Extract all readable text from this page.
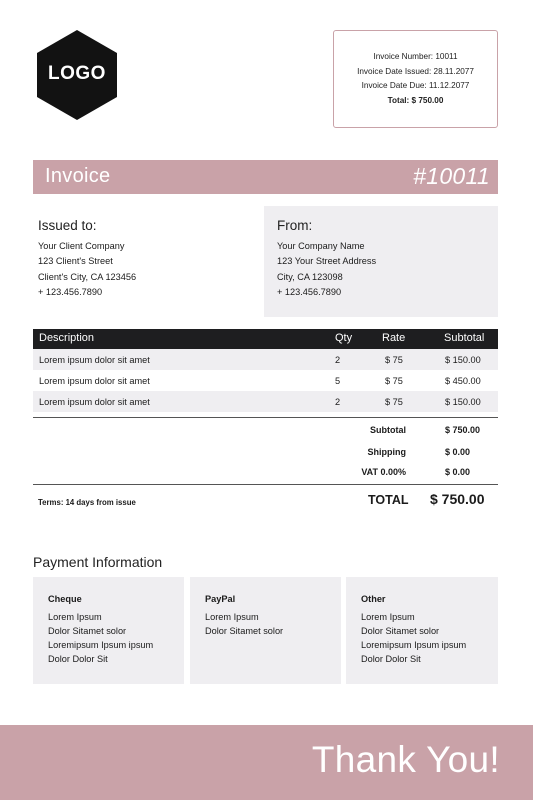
LOGO
Invoice Number: 10011
Invoice Date Issued: 28.11.2077
Invoice Date Due: 11.12.2077
Total: $ 750.00
Invoice	#10011
Issued to:
Your Client Company
123 Client's Street
Client's City, CA 123456
+ 123.456.7890
From:
Your Company Name
123 Your Street Address
City, CA 123098
+ 123.456.7890
Description	Qty	Rate	Subtotal
Lorem ipsum dolor sit amet	2	$ 75	$ 150.00
Lorem ipsum dolor sit amet	5	$ 75	$ 450.00
Lorem ipsum dolor sit amet	2	$ 75	$ 150.00
Subtotal	$ 750.00
Shipping	$ 0.00
VAT 0.00%	$ 0.00
Terms: 14 days from issue	TOTAL $ 750.00
Payment Information
Cheque
Lorem Ipsum
Dolor Sitamet solor
Loremipsum Ipsum ipsum
Dolor Dolor Sit
PayPal
Lorem Ipsum
Dolor Sitamet solor
Other
Lorem Ipsum
Dolor Sitamet solor
Loremipsum Ipsum ipsum
Dolor Dolor Sit
Thank You!
